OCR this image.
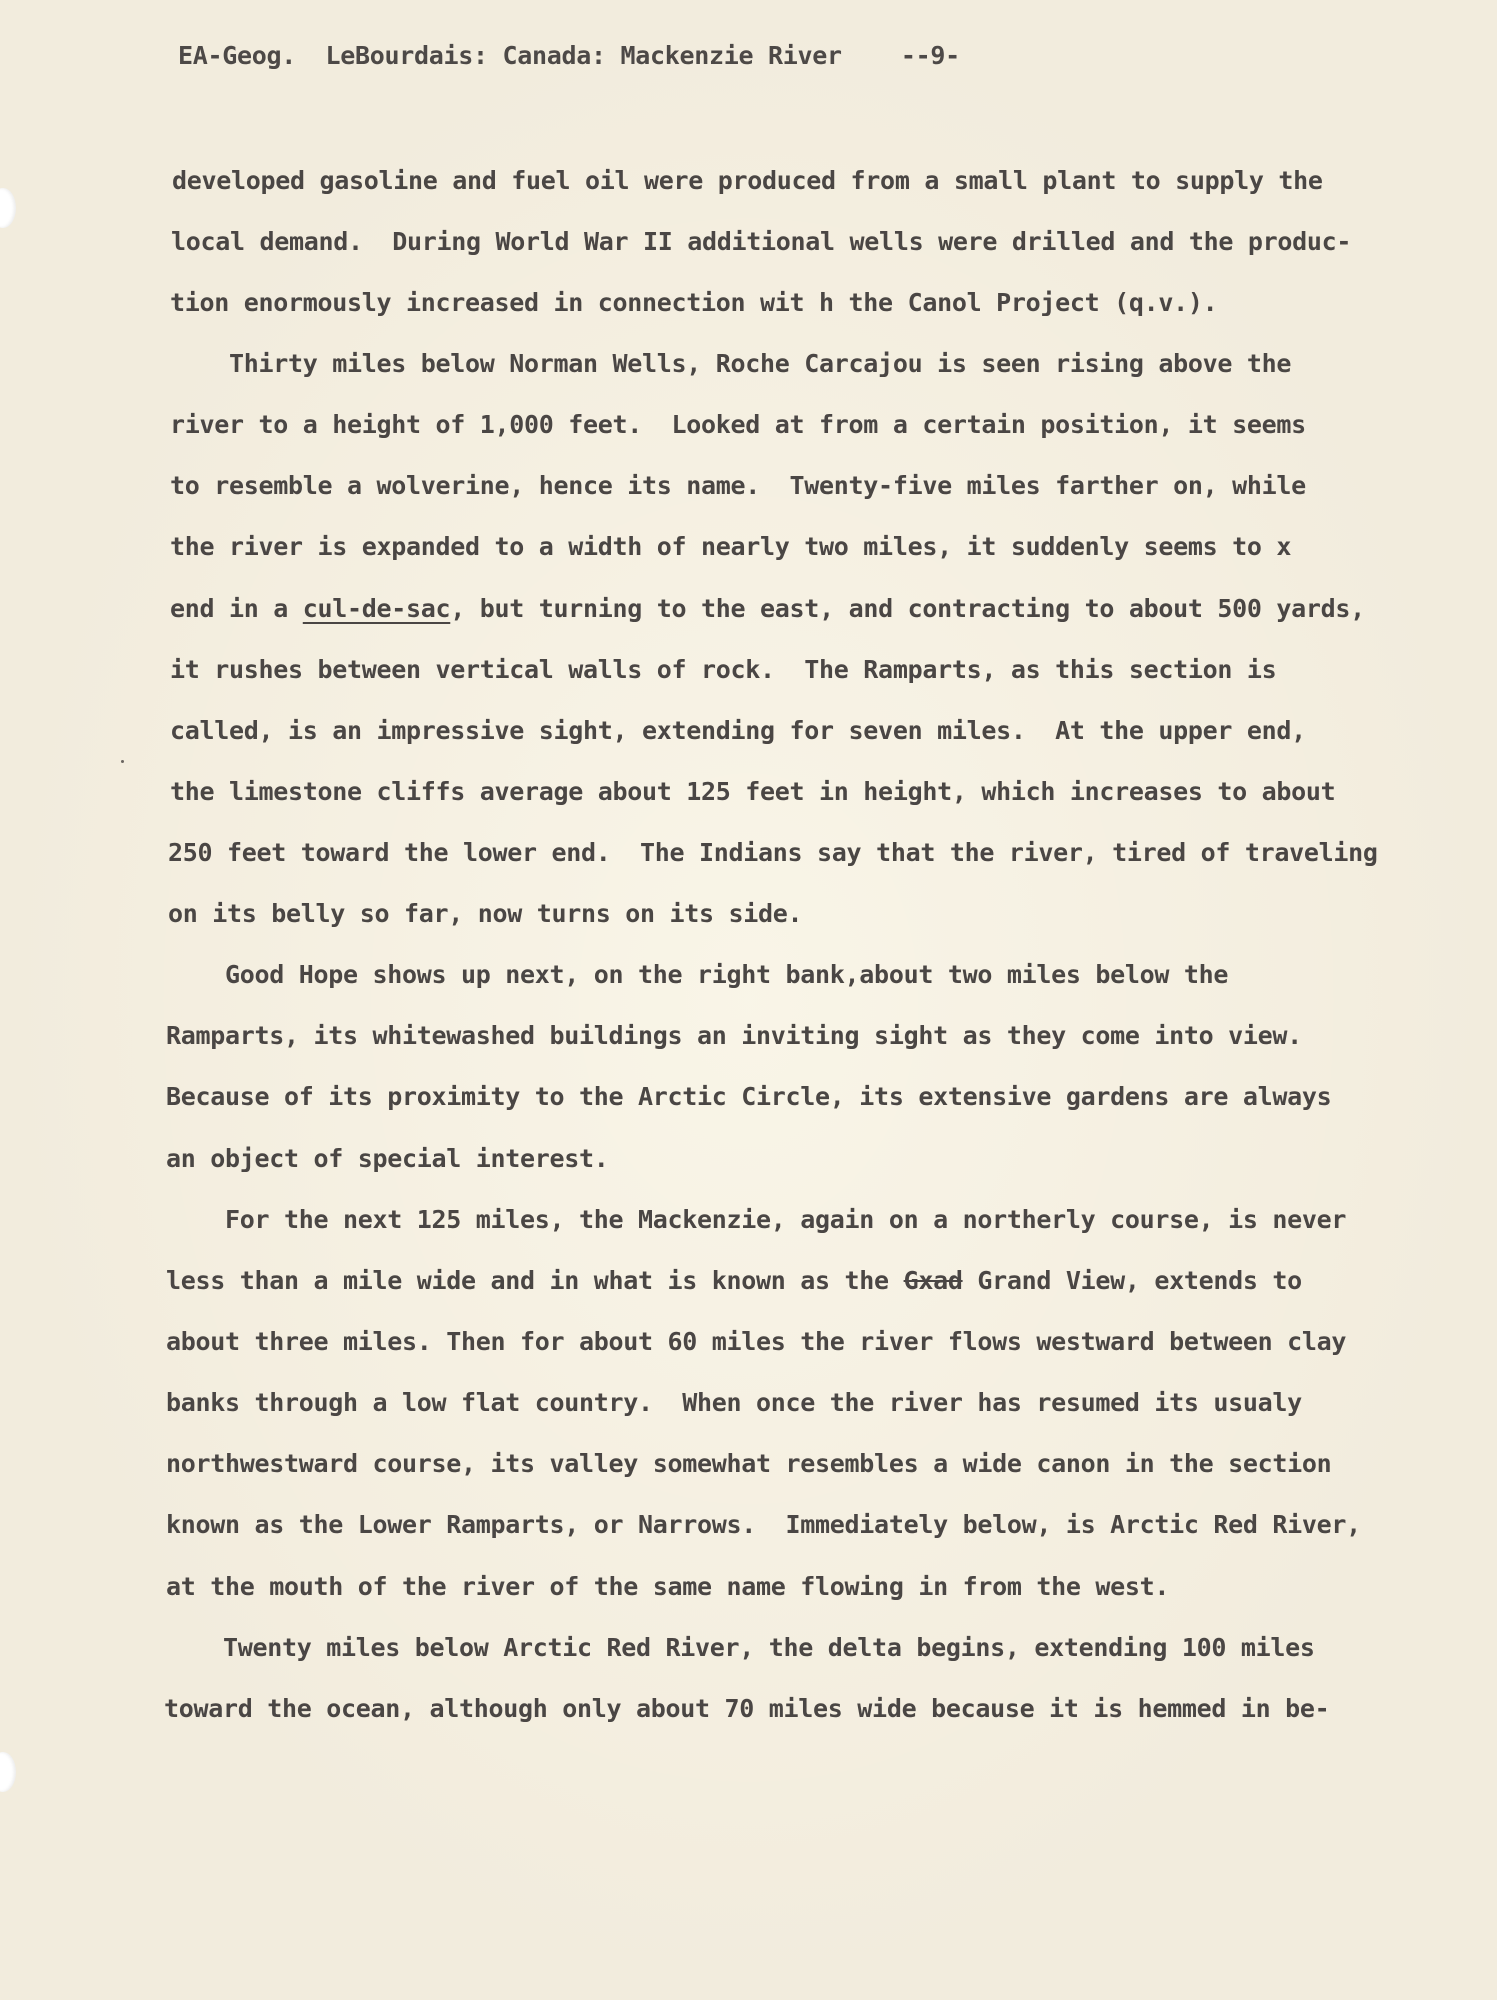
EA-Geog.  LeBourdais: Canada: Mackenzie River    --9-
developed gasoline and fuel oil were produced from a small plant to supply the
local demand.  During World War II additional wells were drilled and the produc-
tion enormously increased in connection wit h the Canol Project (q.v.).
Thirty miles below Norman Wells, Roche Carcajou is seen rising above the
river to a height of 1,000 feet.  Looked at from a certain position, it seems
to resemble a wolverine, hence its name.  Twenty-five miles farther on, while
the river is expanded to a width of nearly two miles, it suddenly seems to x
end in a cul-de-sac, but turning to the east, and contracting to about 500 yards,
it rushes between vertical walls of rock.  The Ramparts, as this section is
called, is an impressive sight, extending for seven miles.  At the upper end,
the limestone cliffs average about 125 feet in height, which increases to about
250 feet toward the lower end.  The Indians say that the river, tired of traveling
on its belly so far, now turns on its side.
Good Hope shows up next, on the right bank,about two miles below the
Ramparts, its whitewashed buildings an inviting sight as they come into view.
Because of its proximity to the Arctic Circle, its extensive gardens are always
an object of special interest.
For the next 125 miles, the Mackenzie, again on a northerly course, is never
less than a mile wide and in what is known as the Gxad Grand View, extends to
about three miles. Then for about 60 miles the river flows westward between clay
banks through a low flat country.  When once the river has resumed its usualy
northwestward course, its valley somewhat resembles a wide canon in the section
known as the Lower Ramparts, or Narrows.  Immediately below, is Arctic Red River,
at the mouth of the river of the same name flowing in from the west.
Twenty miles below Arctic Red River, the delta begins, extending 100 miles
toward the ocean, although only about 70 miles wide because it is hemmed in be-
